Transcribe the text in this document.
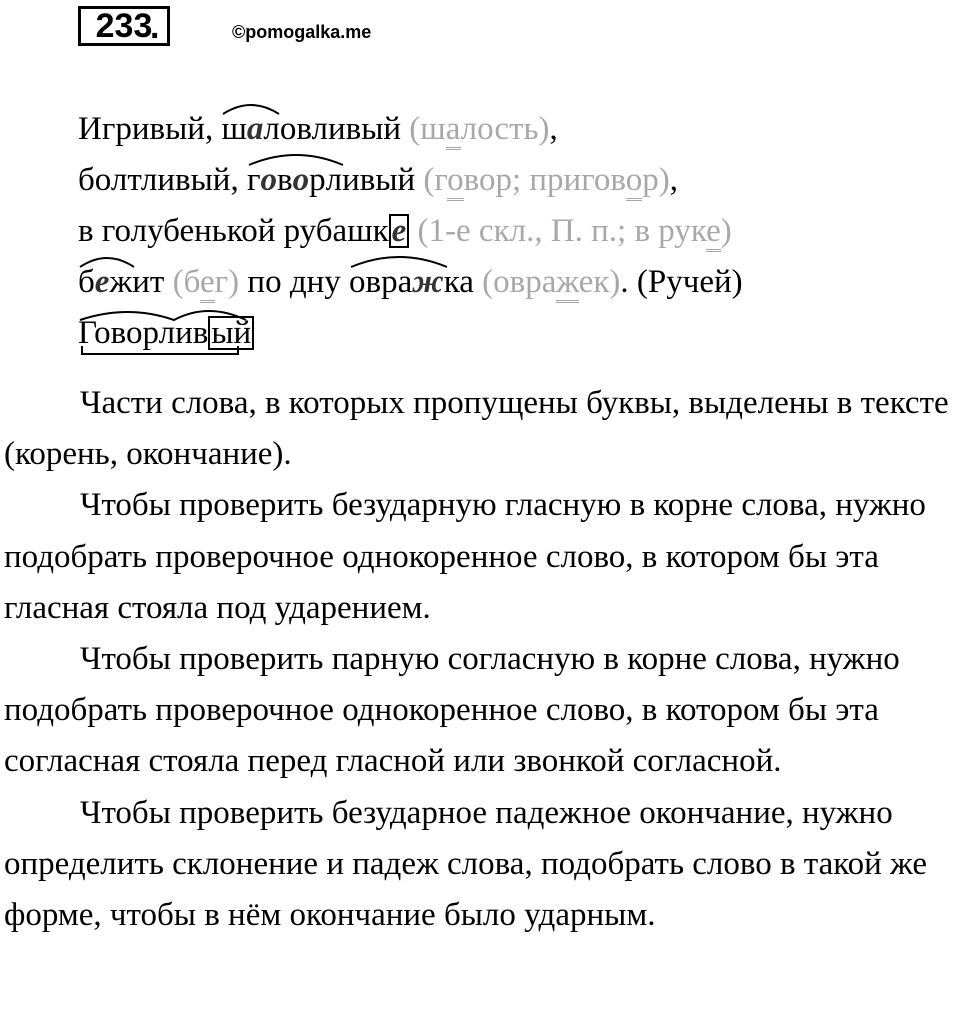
233
.	©pomogalka.me
Игривый,
шаловливый (шалость),
болтливый,
говорливый (говор; приговор),
в голубенькой рубашке (1-е скл., П. п.; в руке)
бежит (бег) по дну
овражка (овражек). (Ручей)
Говорливый

Части слова, в которых пропущены буквы, выделены в тексте (корень, окончание).

Чтобы проверить безударную гласную в корне слова, нужно подобрать проверочное однокоренное слово, в котором бы эта гласная стояла под ударением.

Чтобы проверить парную согласную в корне слова, нужно подобрать проверочное однокоренное слово, в котором бы эта согласная стояла перед гласной или звонкой согласной.

Чтобы проверить безударное падежное окончание, нужно определить склонение и падеж слова, подобрать слово в такой же форме, чтобы в нём окончание было ударным.
